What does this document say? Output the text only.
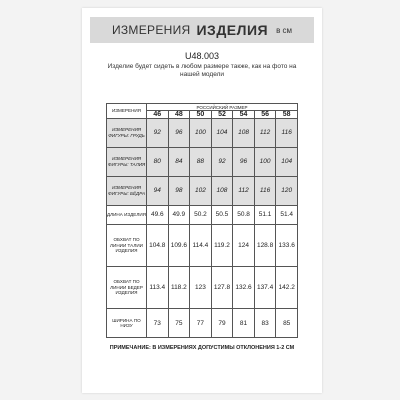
ИЗМЕРЕНИЯ ИЗДЕЛИЯ в см
U48.003
Изделие будет сидеть в любом размере также, как на фото на нашей модели
ИЗМЕРЕНИЯ	РОССИЙСКИЙ РАЗМЕР						
	46	48	50	52	54	56	58
ИЗМЕРЕНИЯ ФИГУРЫ: ГРУДЬ	92	96	100	104	108	112	116
ИЗМЕРЕНИЯ ФИГУРЫ: ТАЛИЯ	80	84	88	92	96	100	104
ИЗМЕРЕНИЯ ФИГУРЫ: БЁДРА	94	98	102	108	112	116	120
ДЛИНА ИЗДЕЛИЯ	49.6	49.9	50.2	50.5	50.8	51.1	51.4
ОБХВАТ ПО ЛИНИИ ТАЛИИ ИЗДЕЛИЯ	104.8	109.6	114.4	119.2	124	128.8	133.6
ОБХВАТ ПО ЛИНИИ БЕДЕР ИЗДЕЛИЯ	113.4	118.2	123	127.8	132.6	137.4	142.2
ШИРИНА ПО НИЗУ	73	75	77	79	81	83	85
ПРИМЕЧАНИЕ: В ИЗМЕРЕНИЯХ ДОПУСТИМЫ ОТКЛОНЕНИЯ 1-2 СМ
